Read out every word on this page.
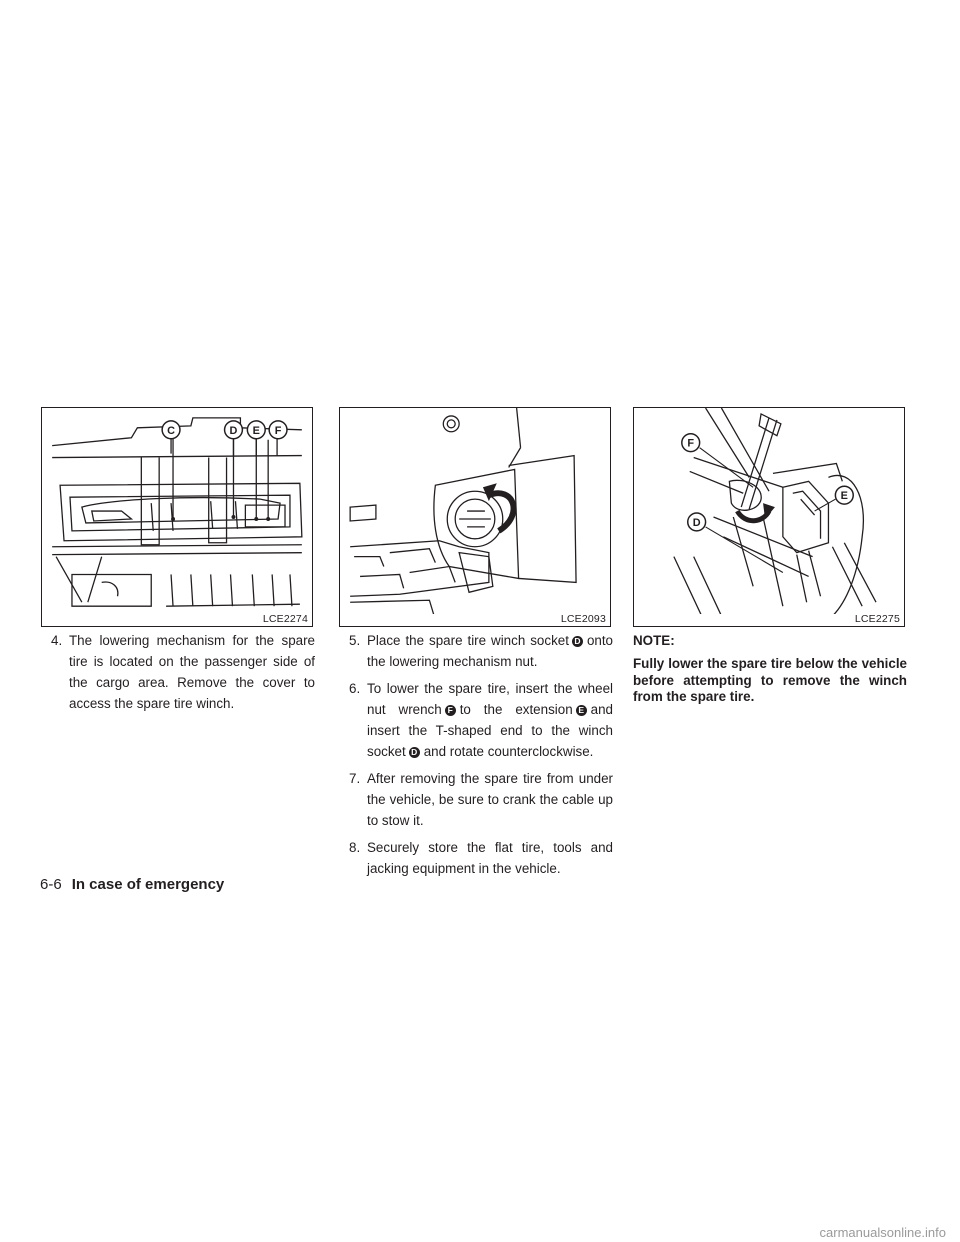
C	D E F
LCE2274	LCE2093
F
E
D
LCE2275

4. The lowering mechanism for the spare tire is located on the passenger side of the cargo area. Remove the cover to access the spare tire winch.

5. Place the spare tire winch socket D onto the lowering mechanism nut.

6. To lower the spare tire, insert the wheel nut wrench F to the extension E and insert the T-shaped end to the winch socket D and rotate counterclockwise.

7. After removing the spare tire from under the vehicle, be sure to crank the cable up to stow it.

8. Securely store the flat tire, tools and jacking equipment in the vehicle.

NOTE:

Fully lower the spare tire below the vehicle before attempting to remove the winch from the spare tire.

6-6 In case of emergency
carmanualsonline.info
